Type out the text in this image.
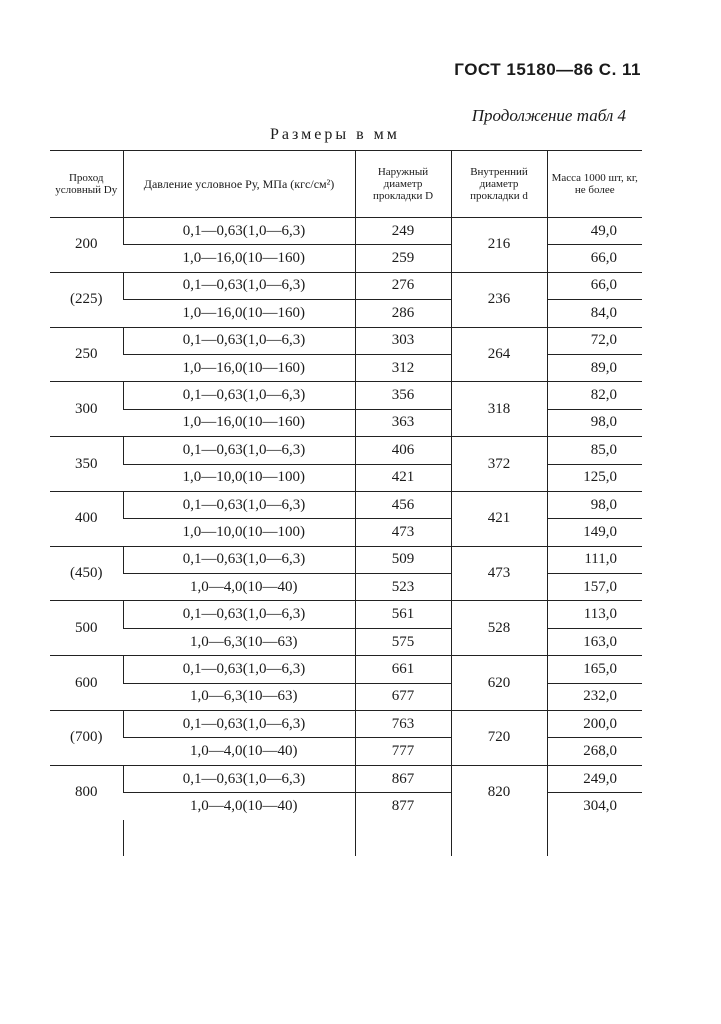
ГОСТ 15180—86 С. 11
Продолжение табл 4
Размеры в мм
Проход условный Dу	Давление условное Pу, МПа (кгс/см²)	Наружный диаметр прокладки D	Внутренний диаметр прокладки d	Масса 1000 шт, кг, не более
200	0,1—0,63(1,0—6,3)	249	216	49,0
	1,0—16,0(10—160)	259		66,0
(225)	0,1—0,63(1,0—6,3)	276	236	66,0
	1,0—16,0(10—160)	286		84,0
250	0,1—0,63(1,0—6,3)	303	264	72,0
	1,0—16,0(10—160)	312		89,0
300	0,1—0,63(1,0—6,3)	356	318	82,0
	1,0—16,0(10—160)	363		98,0
350	0,1—0,63(1,0—6,3)	406	372	85,0
	1,0—10,0(10—100)	421		125,0
400	0,1—0,63(1,0—6,3)	456	421	98,0
	1,0—10,0(10—100)	473		149,0
(450)	0,1—0,63(1,0—6,3)	509	473	111,0
	1,0—4,0(10—40)	523		157,0
500	0,1—0,63(1,0—6,3)	561	528	113,0
	1,0—6,3(10—63)	575		163,0
600	0,1—0,63(1,0—6,3)	661	620	165,0
	1,0—6,3(10—63)	677		232,0
(700)	0,1—0,63(1,0—6,3)	763	720	200,0
	1,0—4,0(10—40)	777		268,0
800	0,1—0,63(1,0—6,3)	867	820	249,0
	1,0—4,0(10—40)	877		304,0
